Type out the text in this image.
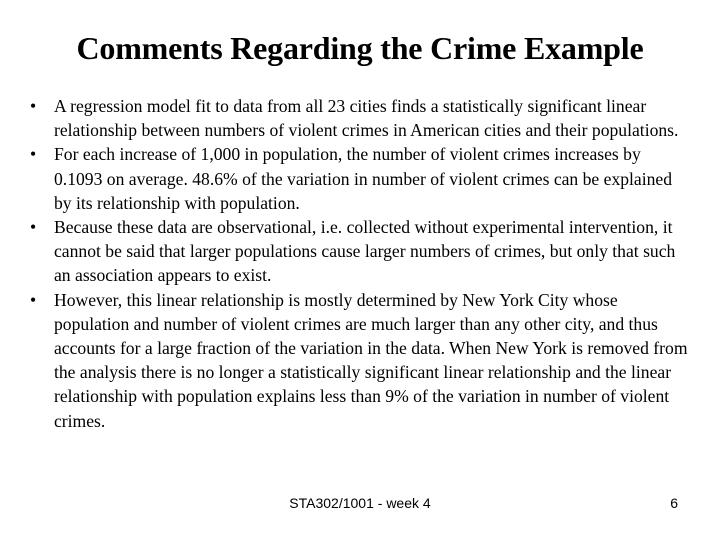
Comments Regarding the Crime Example
•	A regression model fit to data from all 23 cities finds a statistically significant linear relationship between numbers of violent crimes in American cities and their populations.
•	For each increase of 1,000 in population, the number of violent crimes increases by 0.1093 on average. 48.6% of the variation in number of violent crimes can be explained by its relationship with population.
•	Because these data are observational, i.e. collected without experimental intervention, it cannot be said that larger populations cause larger numbers of crimes, but only that such an association appears to exist.
•	However, this linear relationship is mostly determined by New York City whose population and number of violent crimes are much larger than any other city, and thus accounts for a large fraction of the variation in the data. When New York is removed from the analysis there is no longer a statistically significant linear relationship and the linear relationship with population explains less than 9% of the variation in number of violent crimes.
STA302/1001 - week 4	6
